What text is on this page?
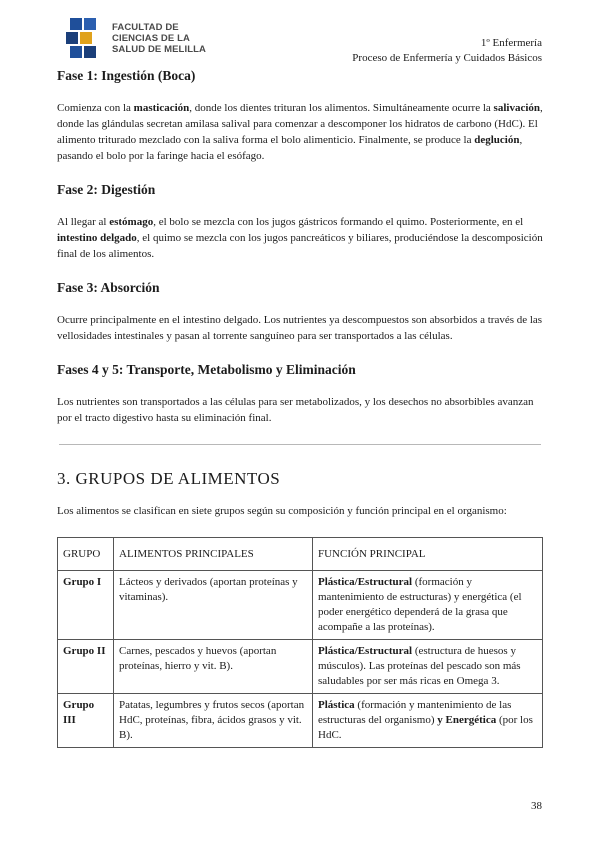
FACULTAD DE
CIENCIAS DE LA
SALUD DE MELILLA
1º Enfermería
Proceso de Enfermería y Cuidados Básicos
Fase 1: Ingestión (Boca)

Comienza con la masticación, donde los dientes trituran los alimentos. Simultáneamente ocurre la salivación, donde las glándulas secretan amilasa salival para comenzar a descomponer los hidratos de carbono (HdC). El alimento triturado mezclado con la saliva forma el bolo alimenticio. Finalmente, se produce la deglución, pasando el bolo por la faringe hacia el esófago.

Fase 2: Digestión

Al llegar al estómago, el bolo se mezcla con los jugos gástricos formando el quimo. Posteriormente, en el intestino delgado, el quimo se mezcla con los jugos pancreáticos y biliares, produciéndose la descomposición final de los alimentos.

Fase 3: Absorción

Ocurre principalmente en el intestino delgado. Los nutrientes ya descompuestos son absorbidos a través de las vellosidades intestinales y pasan al torrente sanguíneo para ser transportados a las células.

Fases 4 y 5: Transporte, Metabolismo y Eliminación

Los nutrientes son transportados a las células para ser metabolizados, y los desechos no absorbibles avanzan por el tracto digestivo hasta su eliminación final.

3. GRUPOS DE ALIMENTOS

Los alimentos se clasifican en siete grupos según su composición y función principal en el organismo:

GRUPO	ALIMENTOS PRINCIPALES	FUNCIÓN PRINCIPAL
Grupo I	Lácteos y derivados (aportan proteínas y vitaminas).	Plástica/Estructural (formación y mantenimiento de estructuras) y energética (el poder energético dependerá de la grasa que acompañe a las proteínas).
Grupo II	Carnes, pescados y huevos (aportan proteínas, hierro y vit. B).	Plástica/Estructural (estructura de huesos y músculos). Las proteínas del pescado son más saludables por ser más ricas en Omega 3.
Grupo III	Patatas, legumbres y frutos secos (aportan HdC, proteínas, fibra, ácidos grasos y vit. B).	Plástica (formación y mantenimiento de las estructuras del organismo) y Energética (por los HdC.
38
